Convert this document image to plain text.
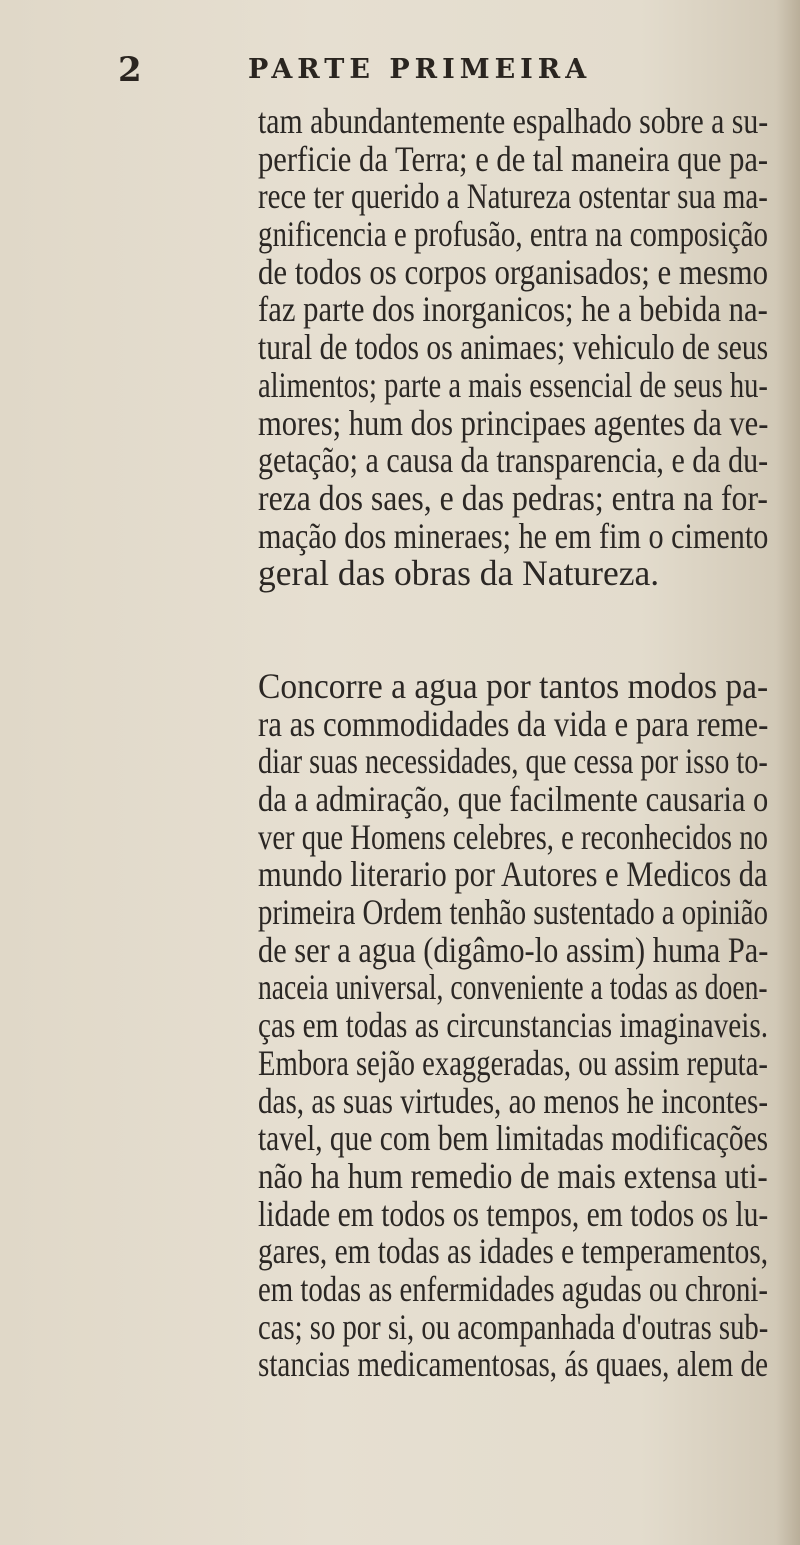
2	PARTE PRIMEIRA
tam abundantemente espalhado sobre a su-
perficie da Terra; e de tal maneira que pa-
rece ter querido a Natureza ostentar sua ma-
gnificencia e profusão, entra na composição
de todos os corpos organisados; e mesmo
faz parte dos inorganicos; he a bebida na-
tural de todos os animaes; vehiculo de seus
alimentos; parte a mais essencial de seus hu-
mores; hum dos principaes agentes da ve-
getação; a causa da transparencia, e da du-
reza dos saes, e das pedras; entra na for-
mação dos mineraes; he em fim o cimento
geral das obras da Natureza.
Concorre a agua por tantos modos pa-
ra as commodidades da vida e para reme-
diar suas necessidades, que cessa por isso to-
da a admiração, que facilmente causaria o
ver que Homens celebres, e reconhecidos no
mundo literario por Autores e Medicos da
primeira Ordem tenhão sustentado a opinião
de ser a agua (digâmo-lo assim) huma Pa-
naceia universal, conveniente a todas as doen-
ças em todas as circunstancias imaginaveis.
Embora sejão exaggeradas, ou assim reputa-
das, as suas virtudes, ao menos he incontes-
tavel, que com bem limitadas modificações
não ha hum remedio de mais extensa uti-
lidade em todos os tempos, em todos os lu-
gares, em todas as idades e temperamentos,
em todas as enfermidades agudas ou chroni-
cas; so por si, ou acompanhada d'outras sub-
stancias medicamentosas, ás quaes, alem de
